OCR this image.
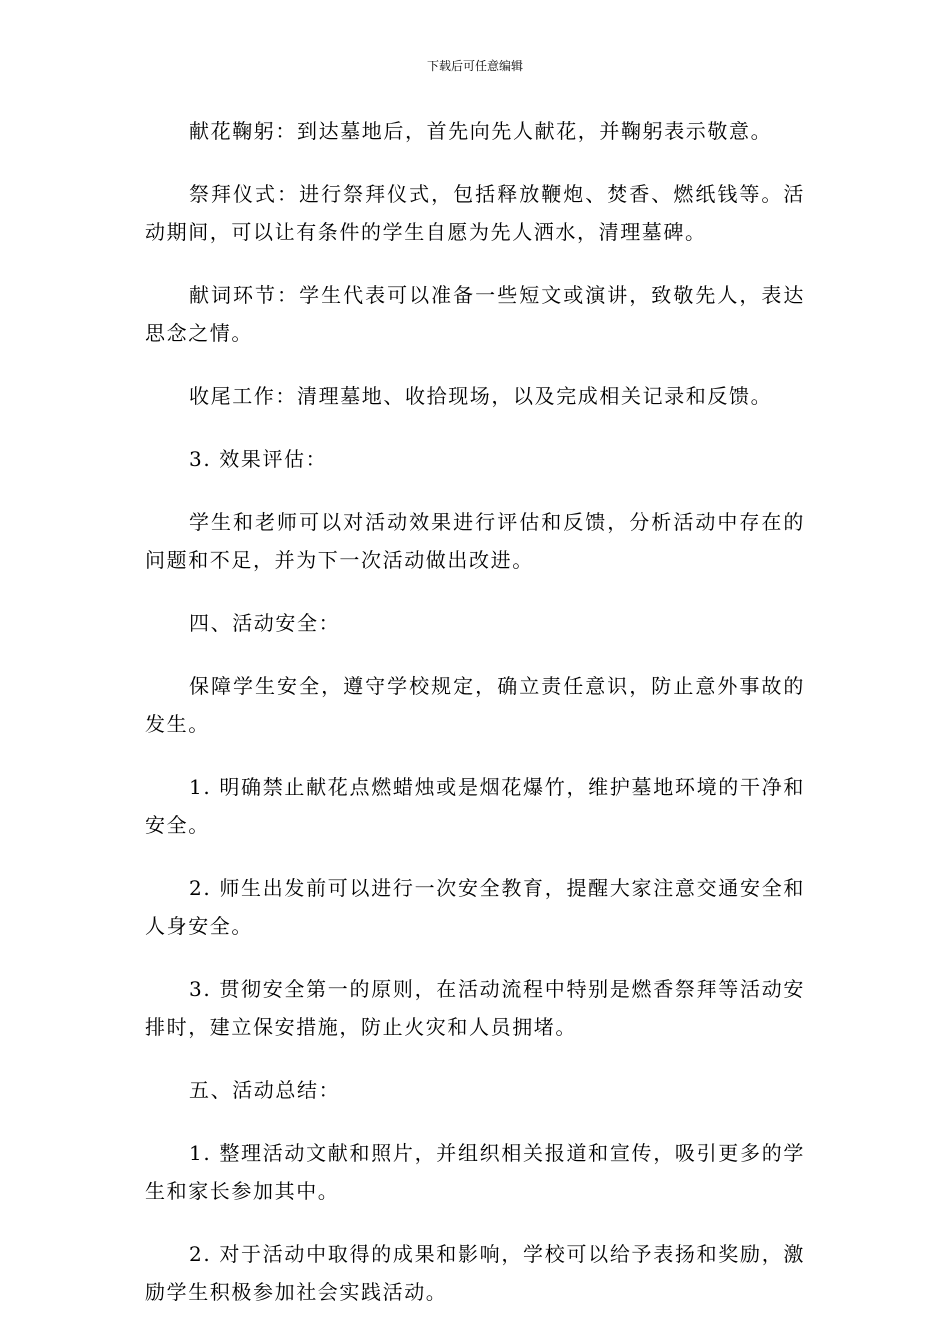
下载后可任意编辑

献花鞠躬：到达墓地后，首先向先人献花，并鞠躬表示敬意。

祭拜仪式：进行祭拜仪式，包括释放鞭炮、焚香、燃纸钱等。活动期间，可以让有条件的学生自愿为先人洒水，清理墓碑。

献词环节：学生代表可以准备一些短文或演讲，致敬先人，表达思念之情。

收尾工作：清理墓地、收拾现场，以及完成相关记录和反馈。

3. 效果评估：

学生和老师可以对活动效果进行评估和反馈，分析活动中存在的问题和不足，并为下一次活动做出改进。

四、活动安全：

保障学生安全，遵守学校规定，确立责任意识，防止意外事故的发生。

1. 明确禁止献花点燃蜡烛或是烟花爆竹，维护墓地环境的干净和安全。

2. 师生出发前可以进行一次安全教育，提醒大家注意交通安全和人身安全。

3. 贯彻安全第一的原则，在活动流程中特别是燃香祭拜等活动安排时，建立保安措施，防止火灾和人员拥堵。

五、活动总结：

1. 整理活动文献和照片，并组织相关报道和宣传，吸引更多的学生和家长参加其中。

2. 对于活动中取得的成果和影响，学校可以给予表扬和奖励，激励学生积极参加社会实践活动。
